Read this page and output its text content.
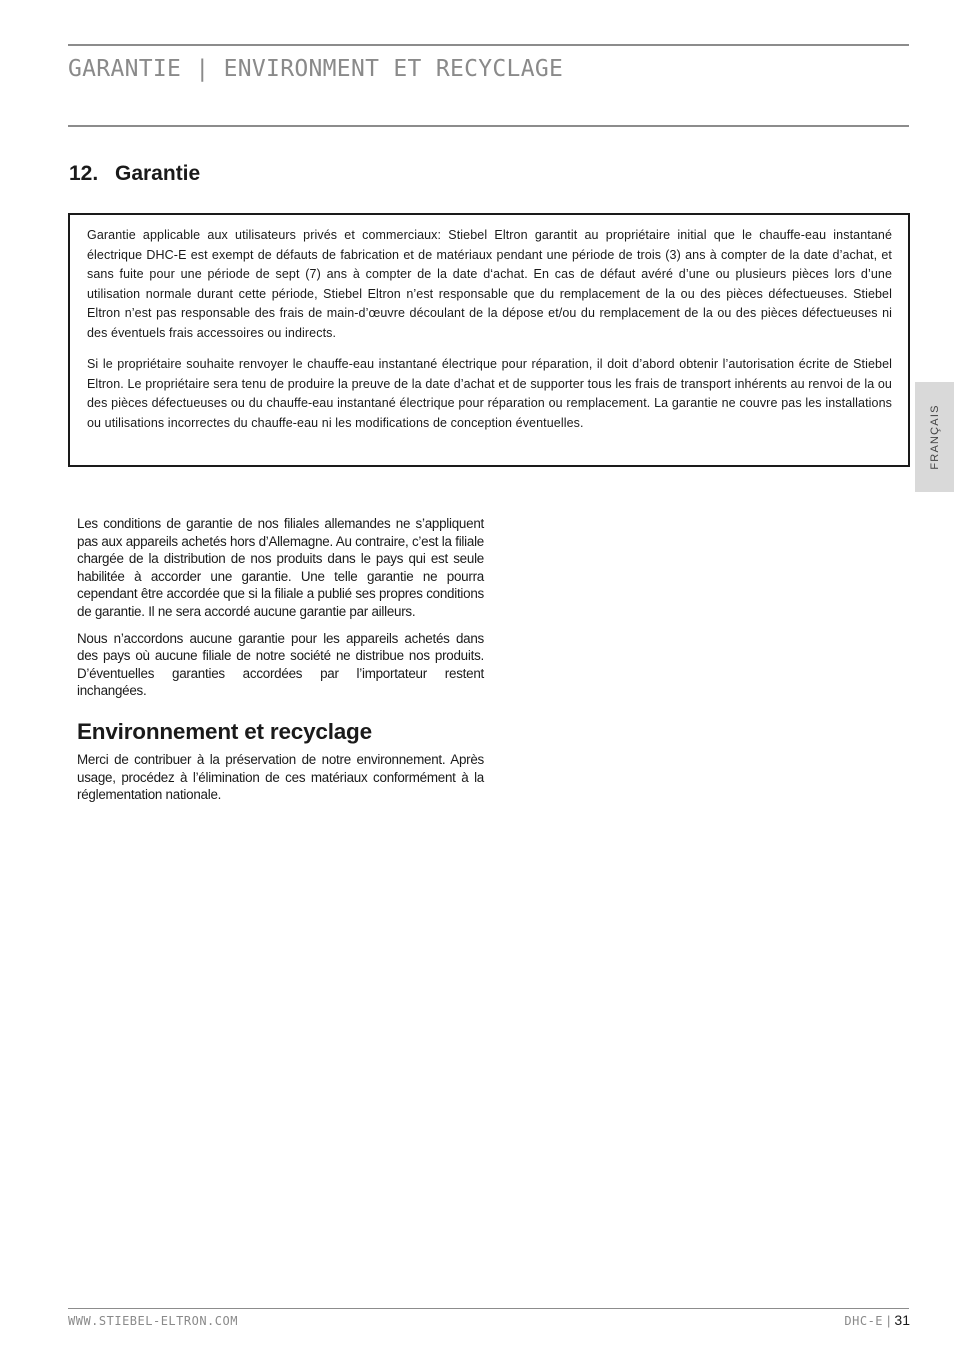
GARANTIE | ENVIRONMENT ET RECYCLAGE
12. Garantie

Garantie applicable aux utilisateurs privés et commerciaux: Stiebel Eltron garantit au propriétaire initial que le chauffe-eau instantané électrique DHC-E est exempt de défauts de fabrication et de matériaux pendant une période de trois (3) ans à compter de la date d’achat, et sans fuite pour une période de sept (7) ans à compter de la date d‘achat. En cas de défaut avéré d’une ou plusieurs pièces lors d’une utilisation normale durant cette période, Stiebel Eltron n’est responsable que du remplacement de la ou des pièces défectueuses. Stiebel Eltron n’est pas responsable des frais de main-d’œuvre découlant de la dépose et/ou du remplacement de la ou des pièces défectueuses ni des éventuels frais accessoires ou indirects.

Si le propriétaire souhaite renvoyer le chauffe-eau instantané électrique pour réparation, il doit d’abord obtenir l’autorisation écrite de Stiebel Eltron. Le propriétaire sera tenu de produire la preuve de la date d’achat et de supporter tous les frais de transport inhérents au renvoi de la ou des pièces défectueuses ou du chauffe-eau instantané électrique pour réparation ou remplacement. La garantie ne couvre pas les installations ou utilisations incorrectes du chauffe-eau ni les modifications de conception éventuelles.	FRANÇAIS

Les conditions de garantie de nos filiales allemandes ne s’appliquent pas aux appareils achetés hors d’Allemagne. Au contraire, c’est la filiale chargée de la distribution de nos produits dans le pays qui est seule habilitée à accorder une garantie. Une telle garantie ne pourra cependant être accordée que si la filiale a publié ses propres conditions de garantie. Il ne sera accordé aucune garantie par ailleurs.

Nous n’accordons aucune garantie pour les appareils achetés dans des pays où aucune filiale de notre société ne distribue nos produits. D’éventuelles garanties accordées par l’importateur restent inchangées.

Environnement et recyclage

Merci de contribuer à la préservation de notre environnement. Après usage, procédez à l’élimination de ces matériaux conformément à la réglementation nationale.

WWW.STIEBEL-ELTRON.COM	DHC-E | 31
